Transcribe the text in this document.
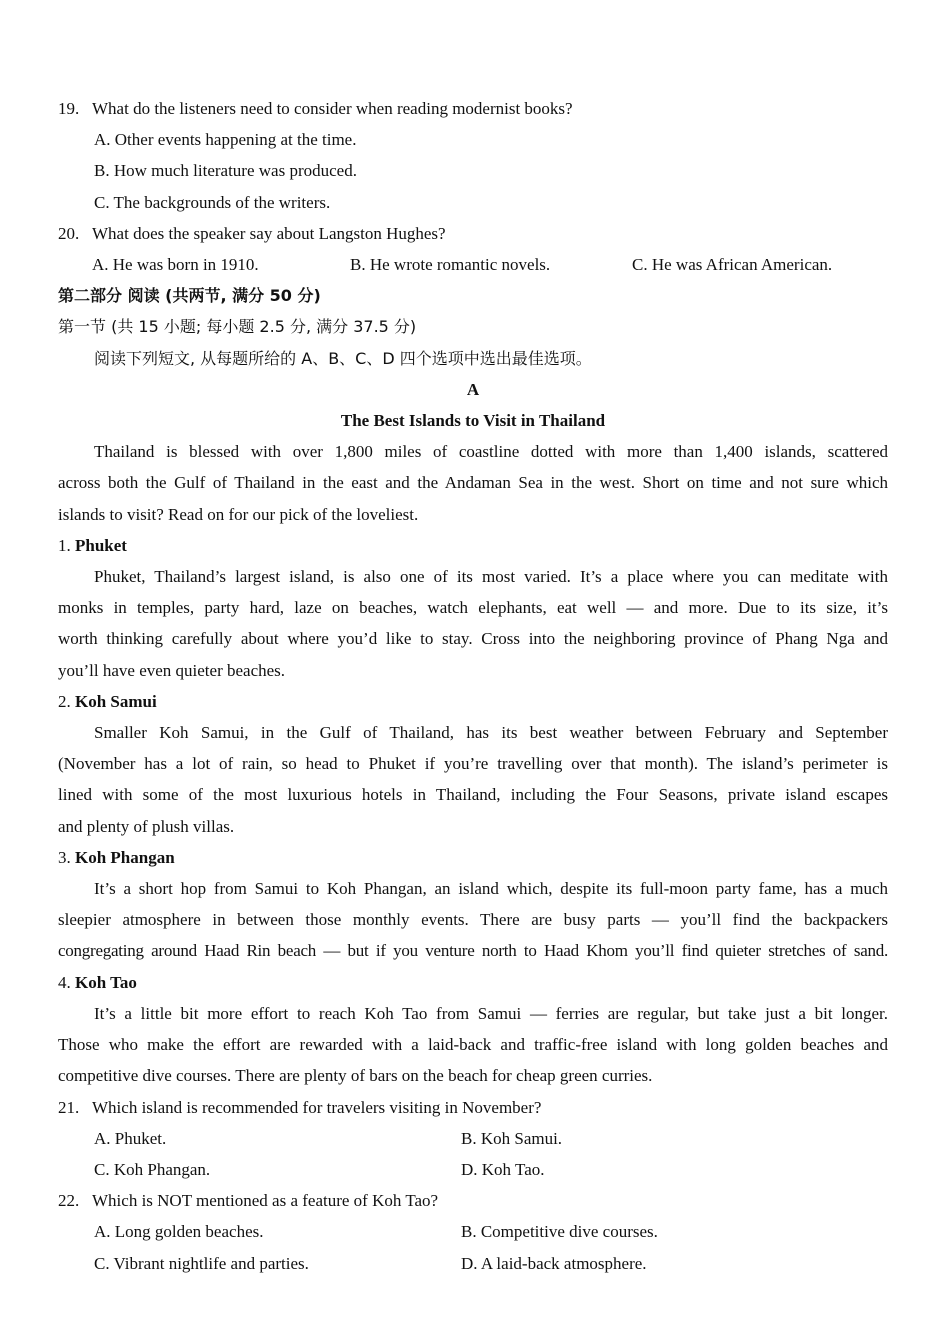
19. What do the listeners need to consider when reading modernist books?
A. Other events happening at the time.
B. How much literature was produced.
C. The backgrounds of the writers.
20. What does the speaker say about Langston Hughes?
A. He was born in 1910.	B. He wrote romantic novels.	C. He was African American.
第二部分 阅读 (共两节, 满分 50 分)
第一节 (共 15 小题; 每小题 2.5 分, 满分 37.5 分)
阅读下列短文, 从每题所给的 A、B、C、D 四个选项中选出最佳选项。
A
The Best Islands to Visit in Thailand
Thailand is blessed with over 1,800 miles of coastline dotted with more than 1,400 islands, scattered
across both the Gulf of Thailand in the east and the Andaman Sea in the west. Short on time and not sure which
islands to visit? Read on for our pick of the loveliest.
1. Phuket
Phuket, Thailand’s largest island, is also one of its most varied. It’s a place where you can meditate with
monks in temples, party hard, laze on beaches, watch elephants, eat well — and more. Due to its size, it’s
worth thinking carefully about where you’d like to stay. Cross into the neighboring province of Phang Nga and
you’ll have even quieter beaches.
2. Koh Samui
Smaller Koh Samui, in the Gulf of Thailand, has its best weather between February and September
(November has a lot of rain, so head to Phuket if you’re travelling over that month). The island’s perimeter is
lined with some of the most luxurious hotels in Thailand, including the Four Seasons, private island escapes
and plenty of plush villas.
3. Koh Phangan
It’s a short hop from Samui to Koh Phangan, an island which, despite its full-moon party fame, has a much
sleepier atmosphere in between those monthly events. There are busy parts — you’ll find the backpackers
congregating around Haad Rin beach — but if you venture north to Haad Khom you’ll find quieter stretches of sand.
4. Koh Tao
It’s a little bit more effort to reach Koh Tao from Samui — ferries are regular, but take just a bit longer.
Those who make the effort are rewarded with a laid-back and traffic-free island with long golden beaches and
competitive dive courses. There are plenty of bars on the beach for cheap green curries.
21. Which island is recommended for travelers visiting in November?
A. Phuket.	B. Koh Samui.
C. Koh Phangan.	D. Koh Tao.
22. Which is NOT mentioned as a feature of Koh Tao?
A. Long golden beaches.	B. Competitive dive courses.
C. Vibrant nightlife and parties.	D. A laid-back atmosphere.
